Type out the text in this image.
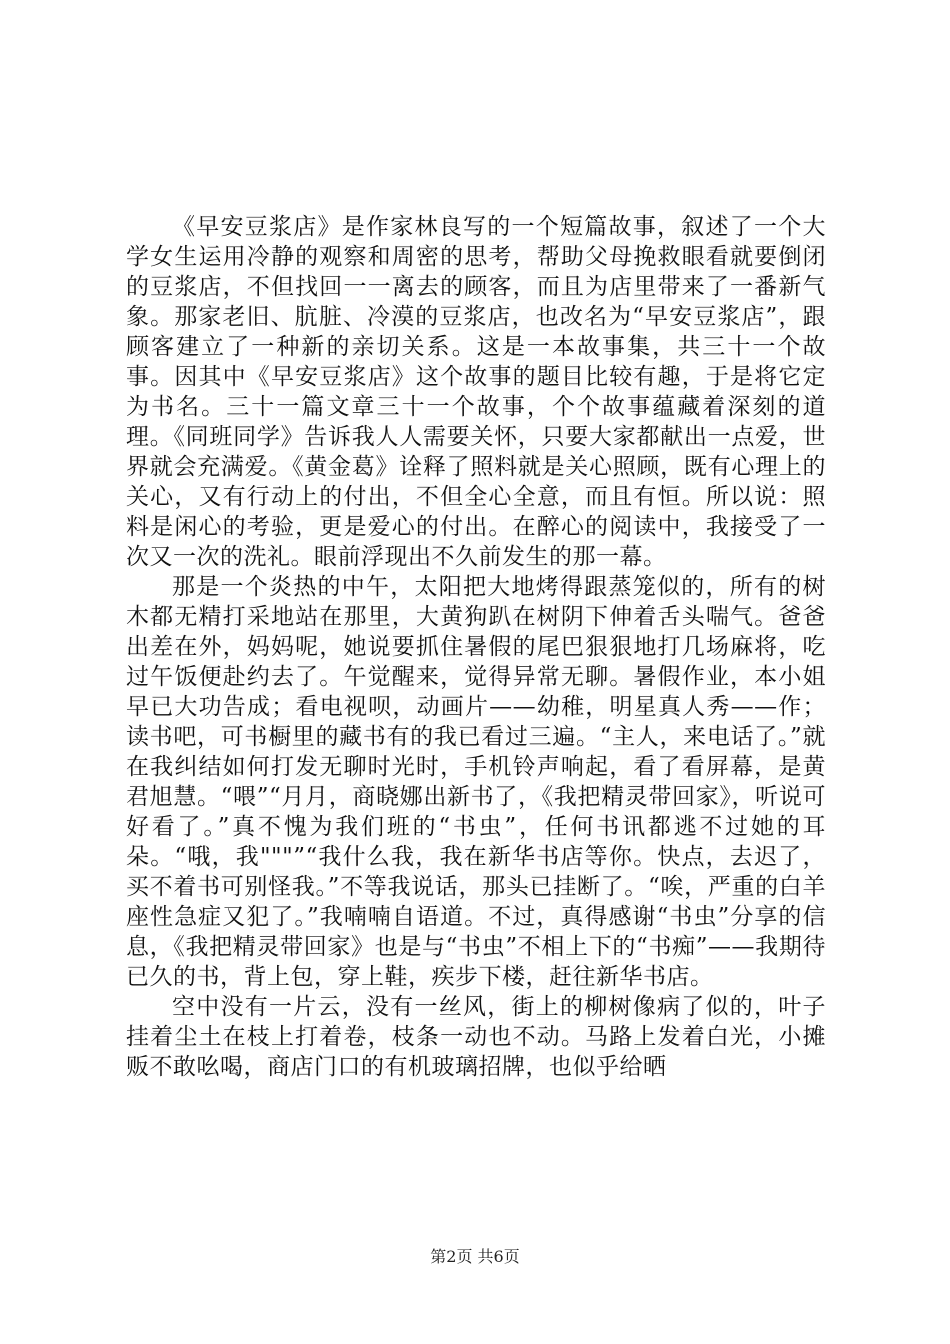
《早安豆浆店》是作家林良写的一个短篇故事，叙述了一个大学女生运用冷静的观察和周密的思考，帮助父母挽救眼看就要倒闭的豆浆店，不但找回一一离去的顾客，而且为店里带来了一番新气象。那家老旧、肮脏、冷漠的豆浆店，也改名为“早安豆浆店”，跟顾客建立了一种新的亲切关系。这是一本故事集，共三十一个故事。因其中《早安豆浆店》这个故事的题目比较有趣，于是将它定为书名。三十一篇文章三十一个故事，个个故事蕴藏着深刻的道理。《同班同学》告诉我人人需要关怀，只要大家都献出一点爱，世界就会充满爱。《黄金葛》诠释了照料就是关心照顾，既有心理上的关心，又有行动上的付出，不但全心全意，而且有恒。所以说：照料是闲心的考验，更是爱心的付出。在醉心的阅读中，我接受了一次又一次的洗礼。眼前浮现出不久前发生的那一幕。

那是一个炎热的中午，太阳把大地烤得跟蒸笼似的，所有的树木都无精打采地站在那里，大黄狗趴在树阴下伸着舌头喘气。爸爸出差在外，妈妈呢，她说要抓住暑假的尾巴狠狠地打几场麻将，吃过午饭便赴约去了。午觉醒来，觉得异常无聊。暑假作业，本小姐早已大功告成；看电视呗，动画片——幼稚，明星真人秀——作；读书吧，可书橱里的藏书有的我已看过三遍。“主人，来电话了。”就在我纠结如何打发无聊时光时，手机铃声响起，看了看屏幕，是黄君旭慧。“喂”“月月，商晓娜出新书了，《我把精灵带回家》，听说可好看了。”真不愧为我们班的“书虫”，任何书讯都逃不过她的耳朵。“哦，我"""”“我什么我，我在新华书店等你。快点，去迟了，买不着书可别怪我。”不等我说话，那头已挂断了。“唉，严重的白羊座性急症又犯了。”我喃喃自语道。不过，真得感谢“书虫”分享的信息，《我把精灵带回家》也是与“书虫”不相上下的“书痴”——我期待已久的书，背上包，穿上鞋，疾步下楼，赶往新华书店。

空中没有一片云，没有一丝风，街上的柳树像病了似的，叶子挂着尘土在枝上打着卷，枝条一动也不动。马路上发着白光，小摊贩不敢吆喝，商店门口的有机玻璃招牌，也似乎给晒

第2页 共6页
